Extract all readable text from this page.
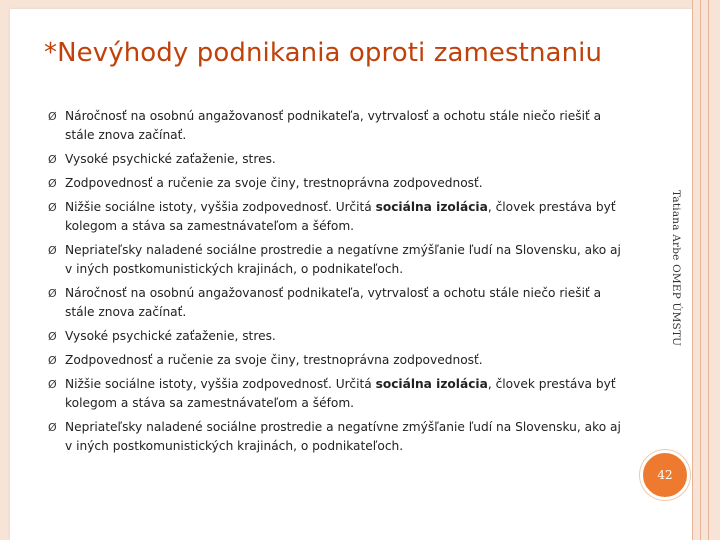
*Nevýhody podnikania oproti zamestnaniu
Ø Náročnosť na osobnú angažovanosť podnikateľa, vytrvalosť a ochotu stále niečo riešiť a stále znova začínať.
Ø Vysoké psychické zaťaženie, stres.
Ø Zodpovednosť a ručenie za svoje činy, trestnoprávna zodpovednosť.
Ø Nižšie sociálne istoty, vyššia zodpovednosť. Určitá sociálna izolácia, človek prestáva byť kolegom a stáva sa zamestnávateľom a šéfom.
Ø Nepriateľsky naladené sociálne prostredie a negatívne zmýšľanie ľudí na Slovensku, ako aj v iných postkomunistických krajinách, o podnikateľoch.
Ø Náročnosť na osobnú angažovanosť podnikateľa, vytrvalosť a ochotu stále niečo riešiť a stále znova začínať.
Ø Vysoké psychické zaťaženie, stres.
Ø Zodpovednosť a ručenie za svoje činy, trestnoprávna zodpovednosť.
Ø Nižšie sociálne istoty, vyššia zodpovednosť. Určitá sociálna izolácia, človek prestáva byť kolegom a stáva sa zamestnávateľom a šéfom.
Ø Nepriateľsky naladené sociálne prostredie a negatívne zmýšľanie ľudí na Slovensku, ako aj v iných postkomunistických krajinách, o podnikateľoch.
Tatiana Arbe OMEP ÚMSTU
42
